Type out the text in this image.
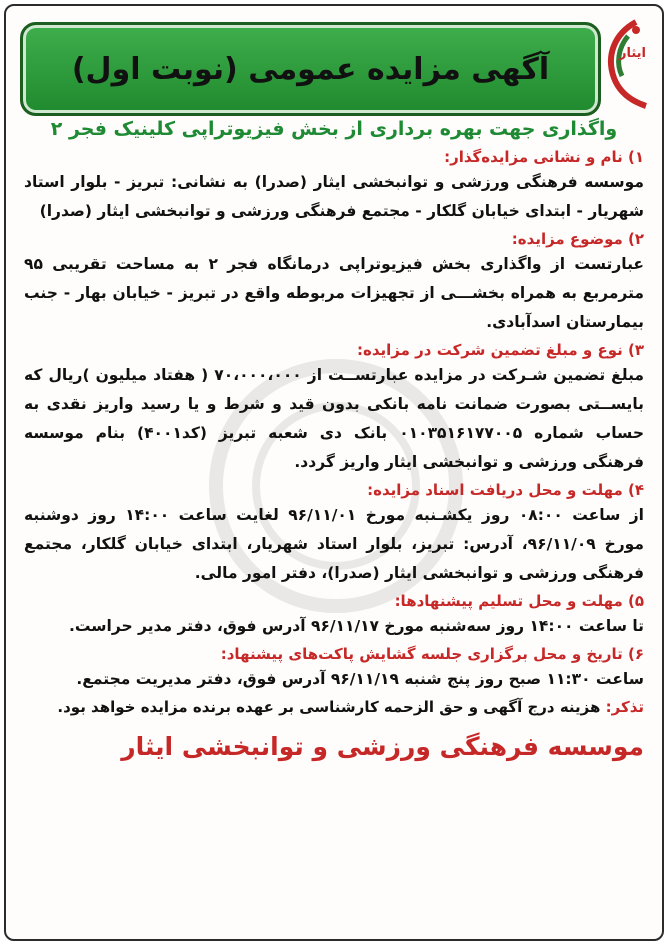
آگهی مزایده عمومی (نوبت اول)	ایثار
واگذاری جهت بهره برداری از بخش فیزیوتراپی کلینیک فجر ۲
۱) نام و نشانی مزایده‌گذار:
موسسه فرهنگی ورزشی و توانبخشی ایثار (صدرا) به نشانی: تبریز - بلوار استاد شهریار - ابتدای خیابان گلکار - مجتمع فرهنگی ورزشی و توانبخشی ایثار (صدرا)
۲) موضوع مزایده:
عبارتست از واگذاری بخش فیزیوتراپی درمانگاه فجر ۲ به مساحت تقریبی ۹۵ مترمربع به همراه بخشـــی از تجهیزات مربوطه واقع در تبریز - خیابان بهار - جنب بیمارستان اسدآبادی.
۳) نوع و مبلغ تضمین شرکت در مزایده:
مبلغ تضمین شـرکت در مزایده عبارتســت از ۷۰،۰۰۰،۰۰۰ ( هفتاد میلیون )ریال که بایســتی بصورت ضمانت نامه بانکی بدون قید و شرط و یا رسید واریز نقدی به حساب شماره ۰۱۰۳۵۱۶۱۷۷۰۰۵ بانک دی شعبه تبریز (کد۴۰۰۱) بنام موسسه فرهنگی ورزشی و توانبخشی ایثار واریز گردد.
۴) مهلت و محل دریافت اسناد مزایده:
از ساعت ۰۸:۰۰ روز یکشـنبه مورخ ۹۶/۱۱/۰۱ لغایت ساعت ۱۴:۰۰ روز دوشنبه مورخ ۹۶/۱۱/۰۹، آدرس: تبریز، بلوار استاد شهریار، ابتدای خیابان گلکار، مجتمع فرهنگی ورزشی و توانبخشی ایثار (صدرا)، دفتر امور مالی.
۵) مهلت و محل تسلیم پیشنهادها:
تا ساعت ۱۴:۰۰ روز سه‌شنبه مورخ ۹۶/۱۱/۱۷ آدرس فوق، دفتر مدیر حراست.
۶) تاریخ و محل برگزاری جلسه گشایش پاکت‌های پیشنهاد:
ساعت ۱۱:۳۰ صبح روز پنج شنبه ۹۶/۱۱/۱۹ آدرس فوق، دفتر مدیریت مجتمع.
تذکر: هزینه درج آگهی و حق الزحمه کارشناسی بر عهده برنده مزایده خواهد بود.
موسسه فرهنگی ورزشی و توانبخشی ایثار
